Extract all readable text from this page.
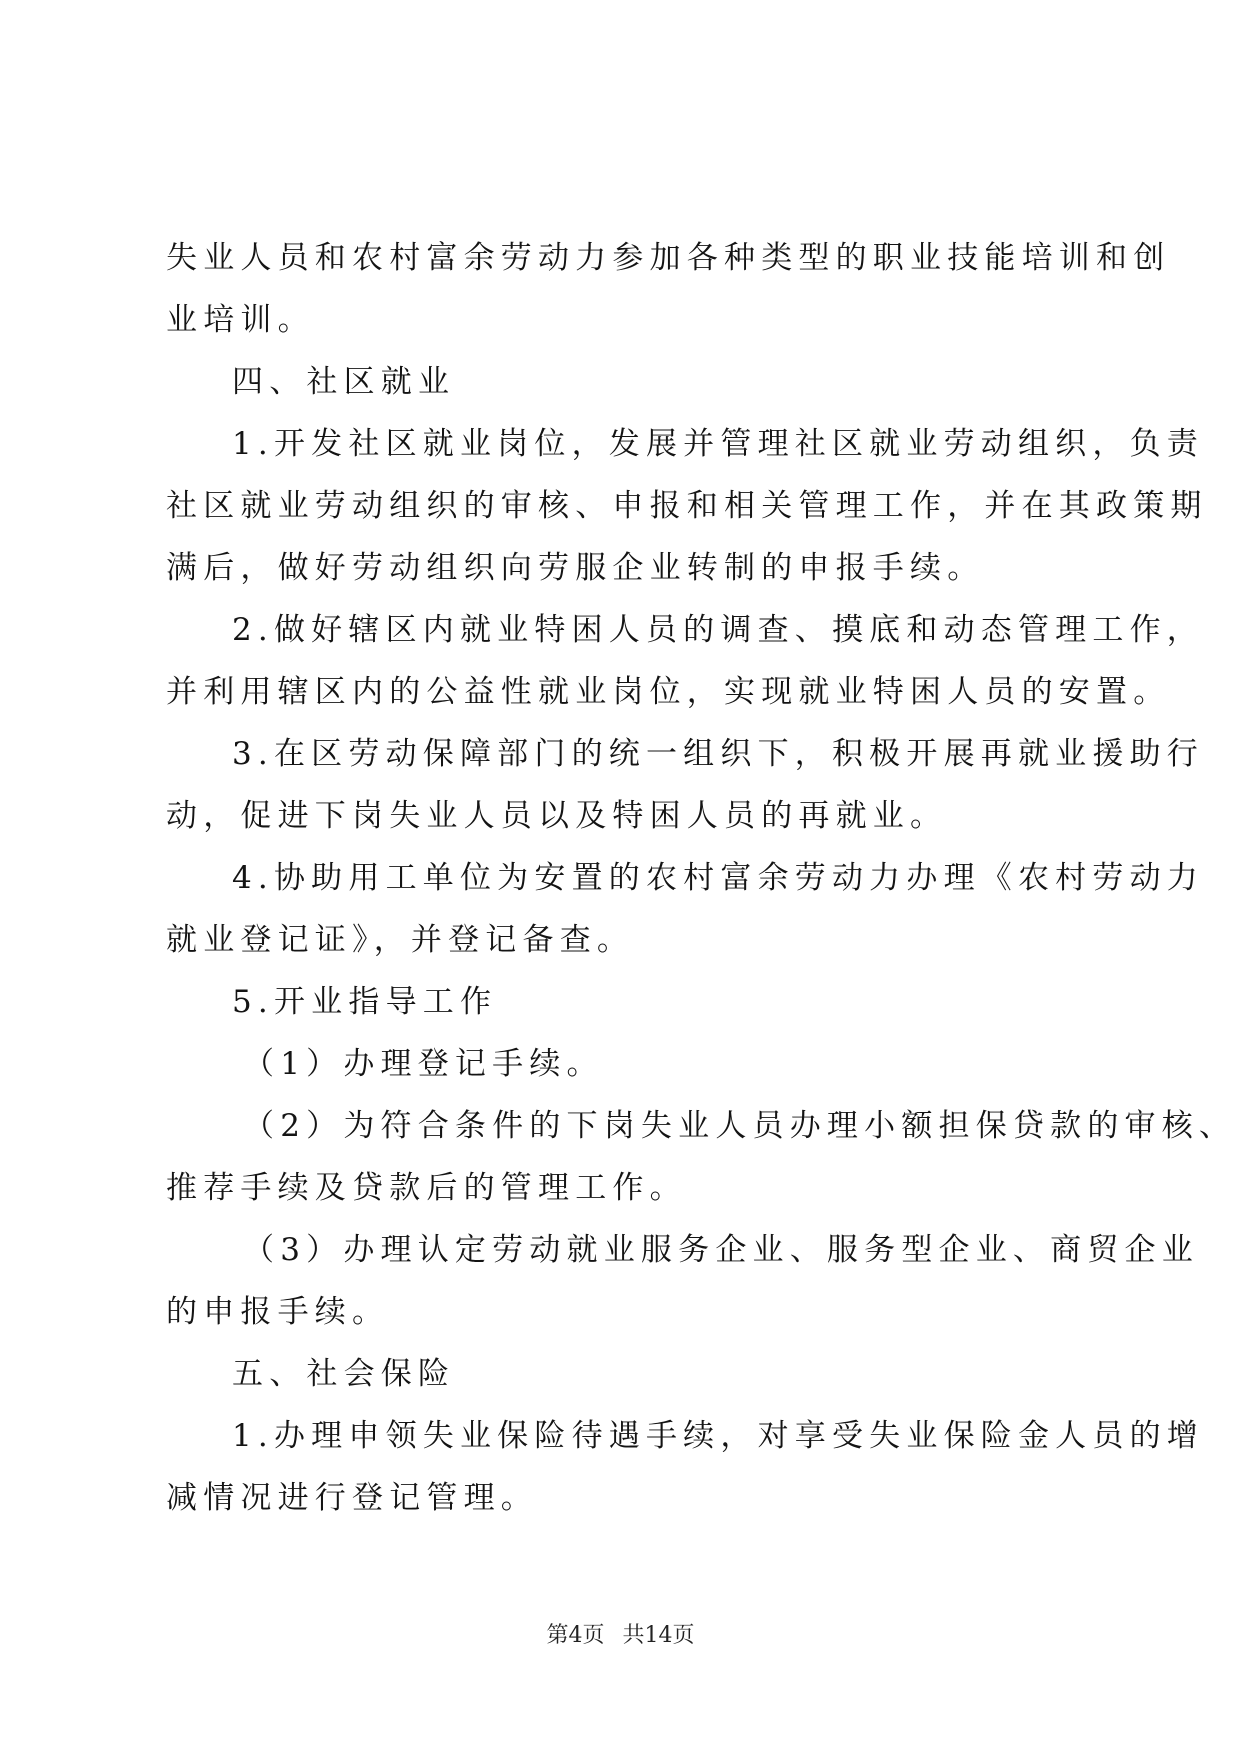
失业人员和农村富余劳动力参加各种类型的职业技能培训和创

业培训。

四、社区就业

1.开发社区就业岗位，发展并管理社区就业劳动组织，负责

社区就业劳动组织的审核、申报和相关管理工作，并在其政策期

满后，做好劳动组织向劳服企业转制的申报手续。

2.做好辖区内就业特困人员的调查、摸底和动态管理工作，

并利用辖区内的公益性就业岗位，实现就业特困人员的安置。

3.在区劳动保障部门的统一组织下，积极开展再就业援助行

动，促进下岗失业人员以及特困人员的再就业。

4.协助用工单位为安置的农村富余劳动力办理《农村劳动力

就业登记证》，并登记备查。

5.开业指导工作

（1）办理登记手续。

（2）为符合条件的下岗失业人员办理小额担保贷款的审核、

推荐手续及贷款后的管理工作。

（3）办理认定劳动就业服务企业、服务型企业、商贸企业

的申报手续。

五、社会保险

1.办理申领失业保险待遇手续，对享受失业保险金人员的增

减情况进行登记管理。

第4页 共14页
